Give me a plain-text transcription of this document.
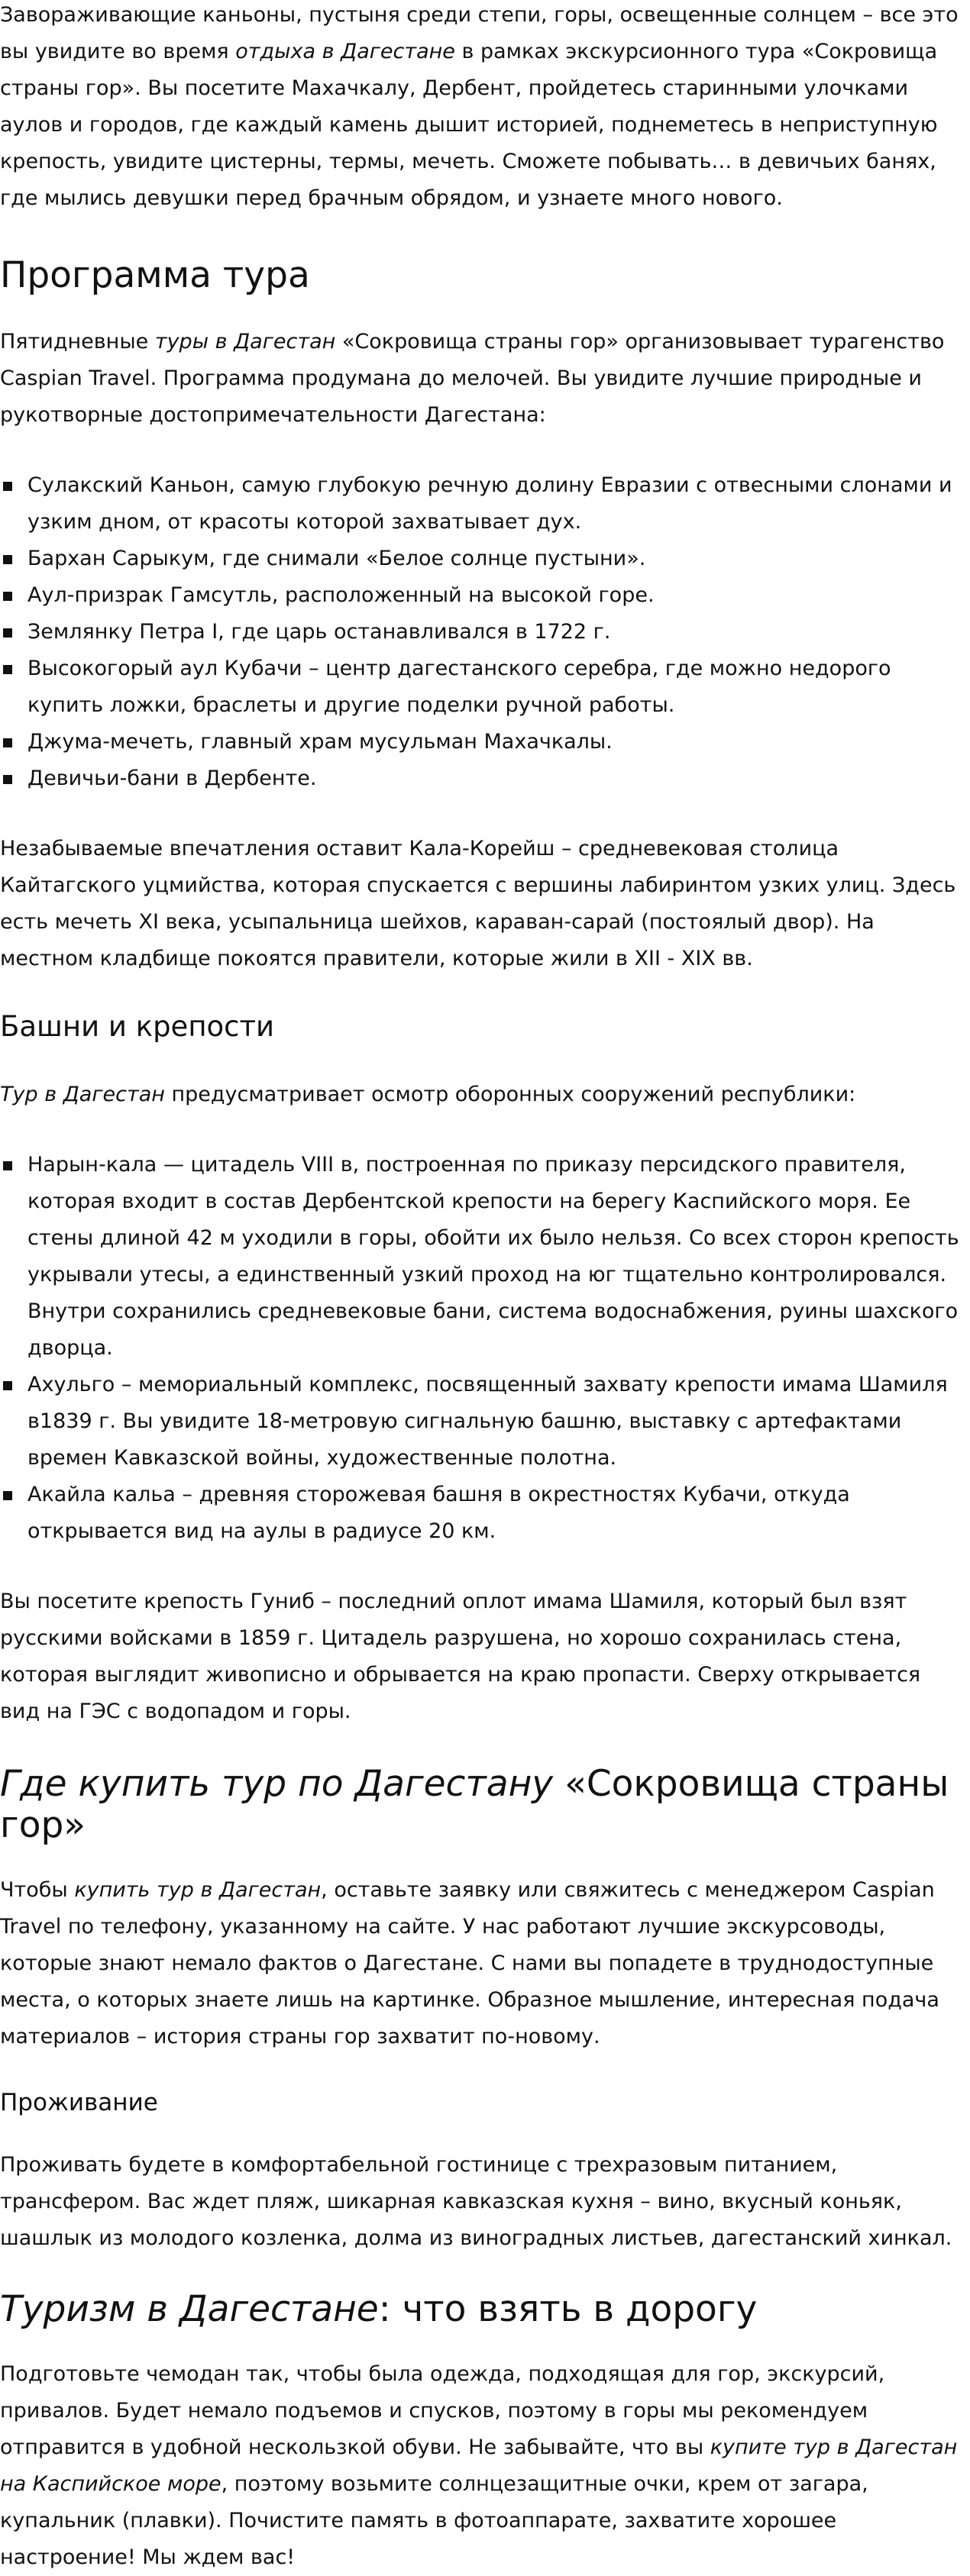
Завораживающие каньоны, пустыня среди степи, горы, освещенные солнцем – все это вы увидите во время отдыха в Дагестане в рамках экскурсионного тура «Сокровища страны гор». Вы посетите Махачкалу, Дербент, пройдетесь старинными улочками аулов и городов, где каждый камень дышит историей, поднеметесь в неприступную крепость, увидите цистерны, термы, мечеть. Сможете побывать… в девичьих банях, где мылись девушки перед брачным обрядом, и узнаете много нового.

Программа тура

Пятидневные туры в Дагестан «Сокровища страны гор» организовывает турагенство Caspian Travel. Программа продумана до мелочей. Вы увидите лучшие природные и рукотворные достопримечательности Дагестана:

Сулакский Каньон, самую глубокую речную долину Евразии с отвесными слонами и узким дном, от красоты которой захватывает дух.
Бархан Сарыкум, где снимали «Белое солнце пустыни».
Аул-призрак Гамсутль, расположенный на высокой горе.
Землянку Петра I, где царь останавливался в 1722 г.
Высокогорый аул Кубачи – центр дагестанского серебра, где можно недорого купить ложки, браслеты и другие поделки ручной работы.
Джума-мечеть, главный храм мусульман Махачкалы.
Девичьи-бани в Дербенте.

Незабываемые впечатления оставит Кала-Корейш – средневековая столица Кайтагского уцмийства, которая спускается с вершины лабиринтом узких улиц. Здесь есть мечеть XI века, усыпальница шейхов, караван-сарай (постоялый двор). На местном кладбище покоятся правители, которые жили в XII - XIX вв.

Башни и крепости

Тур в Дагестан предусматривает осмотр оборонных сооружений республики:

Нарын-кала — цитадель VIII в, построенная по приказу персидского правителя, которая входит в состав Дербентской крепости на берегу Каспийского моря. Ее стены длиной 42 м уходили в горы, обойти их было нельзя. Со всех сторон крепость укрывали утесы, а единственный узкий проход на юг тщательно контролировался. Внутри сохранились средневековые бани, система водоснабжения, руины шахского дворца.
Ахульго – мемориальный комплекс, посвященный захвату крепости имама Шамиля в1839 г. Вы увидите 18-метровую сигнальную башню, выставку с артефактами времен Кавказской войны, художественные полотна.
Акайла кальа – древняя сторожевая башня в окрестностях Кубачи, откуда открывается вид на аулы в радиусе 20 км.

Вы посетите крепость Гуниб – последний оплот имама Шамиля, который был взят русскими войсками в 1859 г. Цитадель разрушена, но хорошо сохранилась стена, которая выглядит живописно и обрывается на краю пропасти. Сверху открывается вид на ГЭС с водопадом и горы.

Где купить тур по Дагестану «Сокровища страны гор»

Чтобы купить тур в Дагестан, оставьте заявку или свяжитесь с менеджером Caspian Travel по телефону, указанному на сайте. У нас работают лучшие экскурсоводы, которые знают немало фактов о Дагестане. С нами вы попадете в труднодоступные места, о которых знаете лишь на картинке. Образное мышление, интересная подача материалов – история страны гор захватит по-новому.

Проживание

Проживать будете в комфортабельной гостинице с трехразовым питанием, трансфером. Вас ждет пляж, шикарная кавказская кухня – вино, вкусный коньяк, шашлык из молодого козленка, долма из виноградных листьев, дагестанский хинкал.

Туризм в Дагестане: что взять в дорогу

Подготовьте чемодан так, чтобы была одежда, подходящая для гор, экскурсий, привалов. Будет немало подъемов и спусков, поэтому в горы мы рекомендуем отправится в удобной нескользкой обуви. Не забывайте, что вы купите тур в Дагестан на Каспийское море, поэтому возьмите солнцезащитные очки, крем от загара, купальник (плавки). Почистите память в фотоаппарате, захватите хорошее настроение! Мы ждем вас!
